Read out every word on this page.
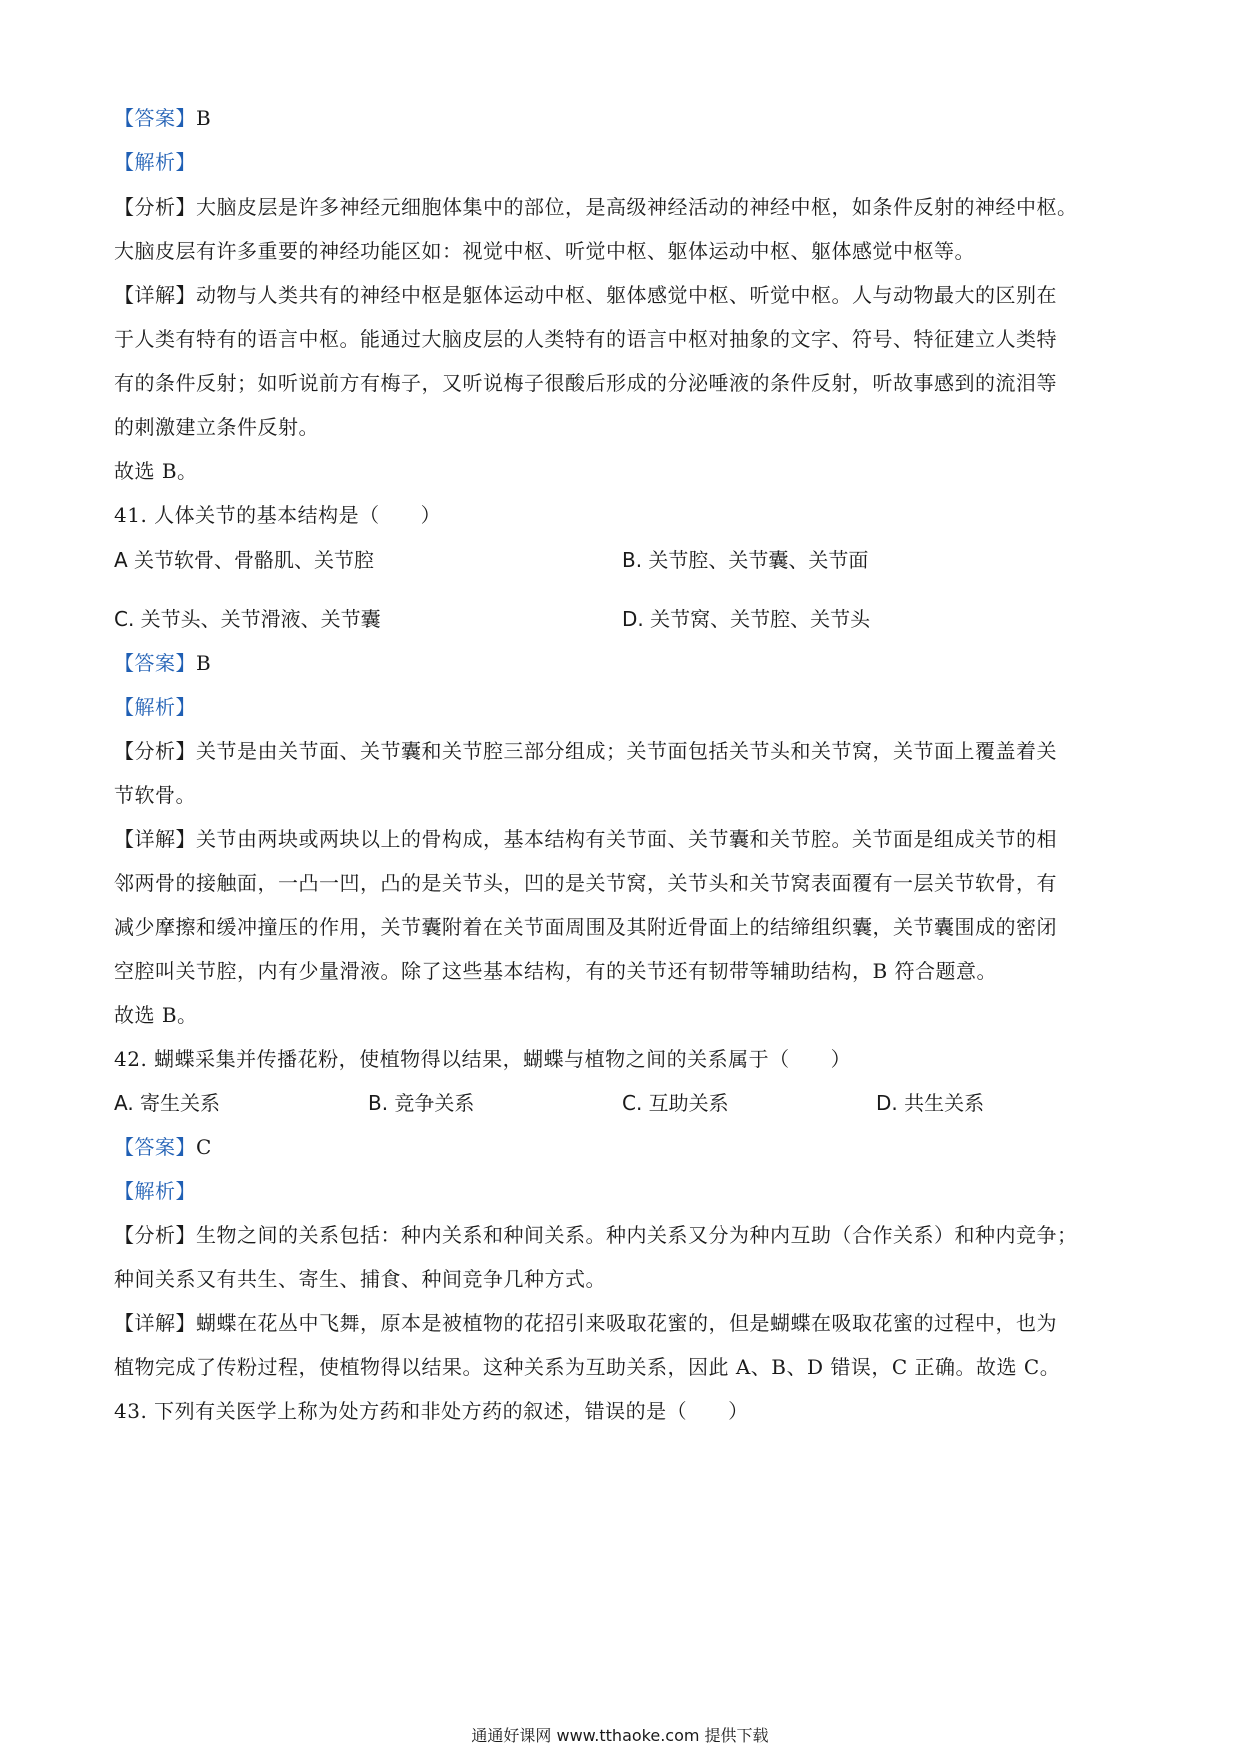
【答案】B
【解析】
【分析】大脑皮层是许多神经元细胞体集中的部位，是高级神经活动的神经中枢，如条件反射的神经中枢。
大脑皮层有许多重要的神经功能区如：视觉中枢、听觉中枢、躯体运动中枢、躯体感觉中枢等。
【详解】动物与人类共有的神经中枢是躯体运动中枢、躯体感觉中枢、听觉中枢。人与动物最大的区别在
于人类有特有的语言中枢。能通过大脑皮层的人类特有的语言中枢对抽象的文字、符号、特征建立人类特
有的条件反射；如听说前方有梅子，又听说梅子很酸后形成的分泌唾液的条件反射，听故事感到的流泪等
的刺激建立条件反射。
故选 B。
41. 人体关节的基本结构是（　　）
A 关节软骨、骨骼肌、关节腔	B. 关节腔、关节囊、关节面
C. 关节头、关节滑液、关节囊	D. 关节窝、关节腔、关节头
【答案】B
【解析】
【分析】关节是由关节面、关节囊和关节腔三部分组成；关节面包括关节头和关节窝，关节面上覆盖着关
节软骨。
【详解】关节由两块或两块以上的骨构成，基本结构有关节面、关节囊和关节腔。关节面是组成关节的相
邻两骨的接触面，一凸一凹，凸的是关节头，凹的是关节窝，关节头和关节窝表面覆有一层关节软骨，有
减少摩擦和缓冲撞压的作用，关节囊附着在关节面周围及其附近骨面上的结缔组织囊，关节囊围成的密闭
空腔叫关节腔，内有少量滑液。除了这些基本结构，有的关节还有韧带等辅助结构，B 符合题意。
故选 B。
42. 蝴蝶采集并传播花粉，使植物得以结果，蝴蝶与植物之间的关系属于（　　）
A. 寄生关系	B. 竞争关系	C. 互助关系	D. 共生关系
【答案】C
【解析】
【分析】生物之间的关系包括：种内关系和种间关系。种内关系又分为种内互助（合作关系）和种内竞争；
种间关系又有共生、寄生、捕食、种间竞争几种方式。
【详解】蝴蝶在花丛中飞舞，原本是被植物的花招引来吸取花蜜的，但是蝴蝶在吸取花蜜的过程中，也为
植物完成了传粉过程，使植物得以结果。这种关系为互助关系，因此 A、B、D 错误，C 正确。故选 C。
43. 下列有关医学上称为处方药和非处方药的叙述，错误的是（　　）
通通好课网 www.tthaoke.com 提供下载
